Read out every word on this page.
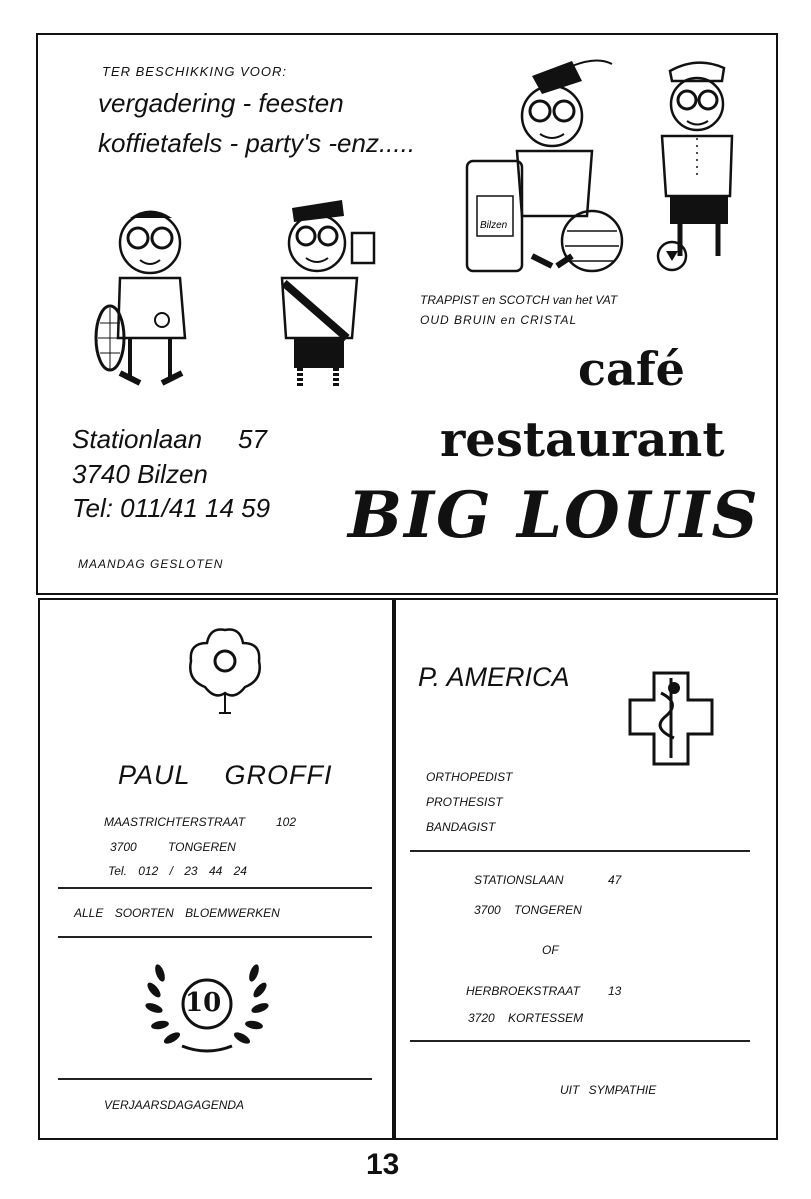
TER BESCHIKKING VOOR:
vergadering - feesten
koffietafels - party's -enz.....
Bilzen
TRAPPIST en SCOTCH van het VAT
OUD BRUIN en CRISTAL
café
restaurant
BIG LOUIS
Stationlaan 57
3740 Bilzen
Tel: 011/41 14 59
MAANDAG GESLOTEN
PAUL GROFFI
MAASTRICHTERSTRAAT	102
3700 TONGEREN
Tel. 012 / 23 44 24
ALLE SOORTEN BLOEMWERKEN
10
VERJAARSDAGAGENDA
P. AMERICA
ORTHOPEDIST
PROTHESIST
BANDAGIST
STATIONSLAAN	47
3700 TONGEREN
OF
HERBROEKSTRAAT 13
3720 KORTESSEM
UIT SYMPATHIE
13
